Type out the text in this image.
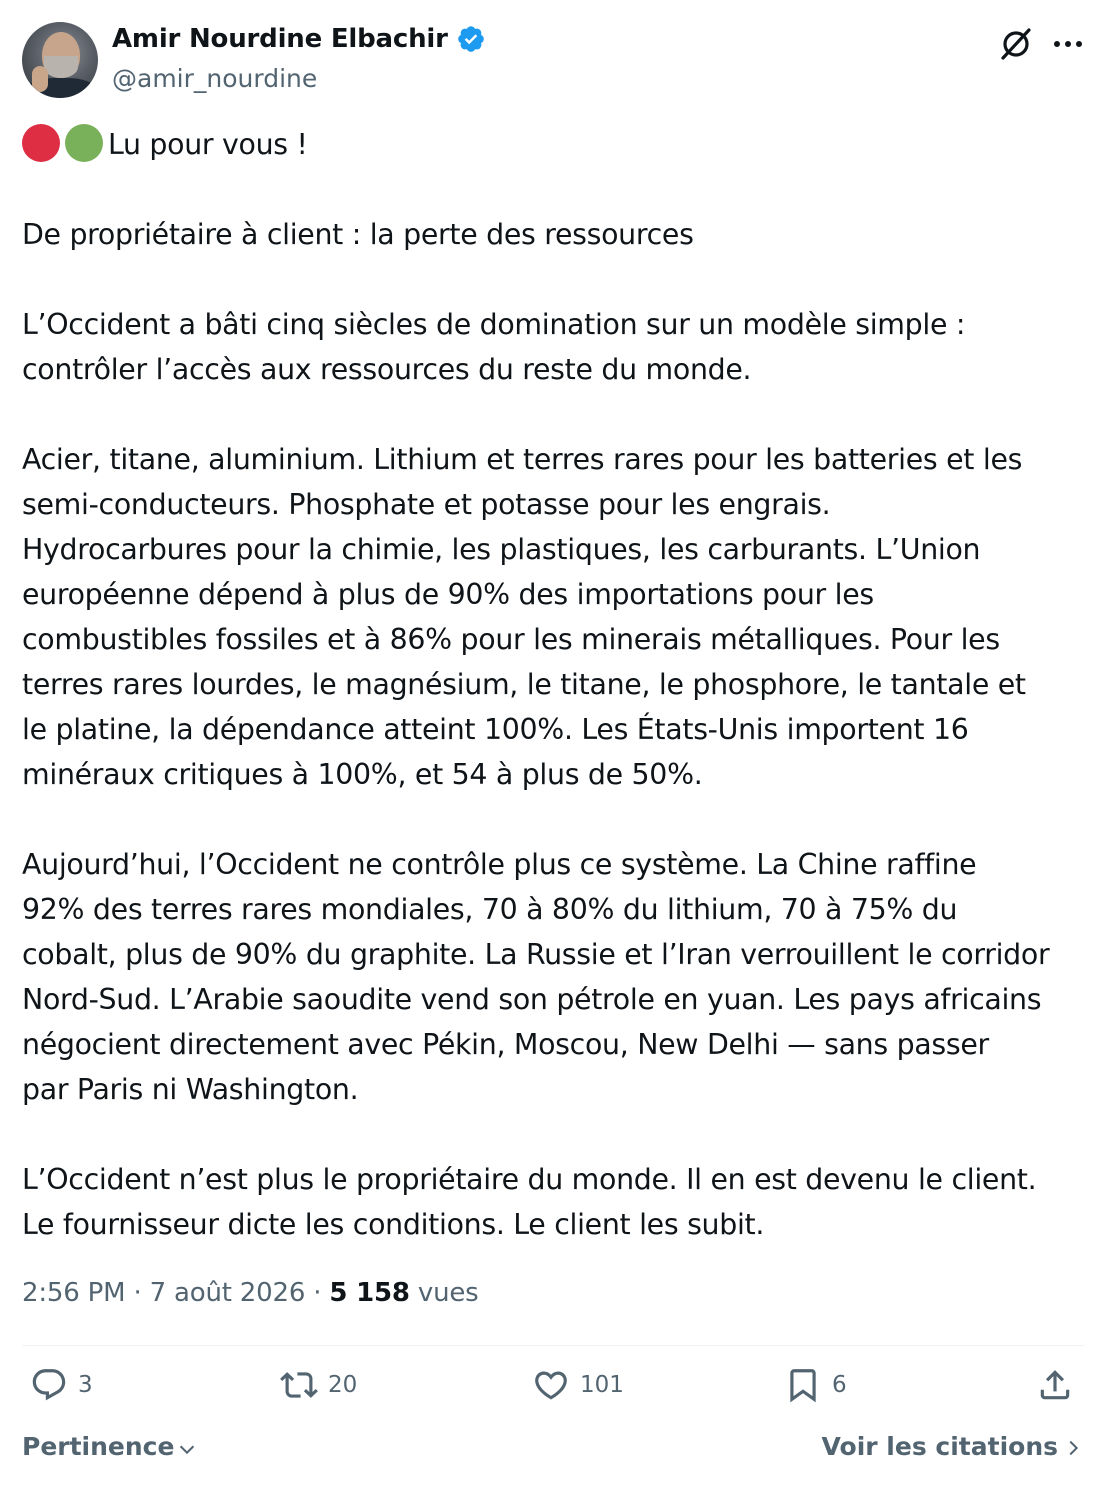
Amir Nourdine Elbachir
@amir_nourdine

Lu pour vous !

De propriétaire à client : la perte des ressources

L’Occident a bâti cinq siècles de domination sur un modèle simple :

contrôler l’accès aux ressources du reste du monde.

Acier, titane, aluminium. Lithium et terres rares pour les batteries et les

semi-conducteurs. Phosphate et potasse pour les engrais.

Hydrocarbures pour la chimie, les plastiques, les carburants. L’Union

européenne dépend à plus de 90% des importations pour les

combustibles fossiles et à 86% pour les minerais métalliques. Pour les

terres rares lourdes, le magnésium, le titane, le phosphore, le tantale et

le platine, la dépendance atteint 100%. Les États-Unis importent 16

minéraux critiques à 100%, et 54 à plus de 50%.

Aujourd’hui, l’Occident ne contrôle plus ce système. La Chine raffine

92% des terres rares mondiales, 70 à 80% du lithium, 70 à 75% du

cobalt, plus de 90% du graphite. La Russie et l’Iran verrouillent le corridor

Nord-Sud. L’Arabie saoudite vend son pétrole en yuan. Les pays africains

négocient directement avec Pékin, Moscou, New Delhi — sans passer

par Paris ni Washington.

L’Occident n’est plus le propriétaire du monde. Il en est devenu le client.

Le fournisseur dicte les conditions. Le client les subit.

2:56 PM · 7 août 2026 · 5 158 vues
3	20	101	6
Pertinence	Voir les citations
